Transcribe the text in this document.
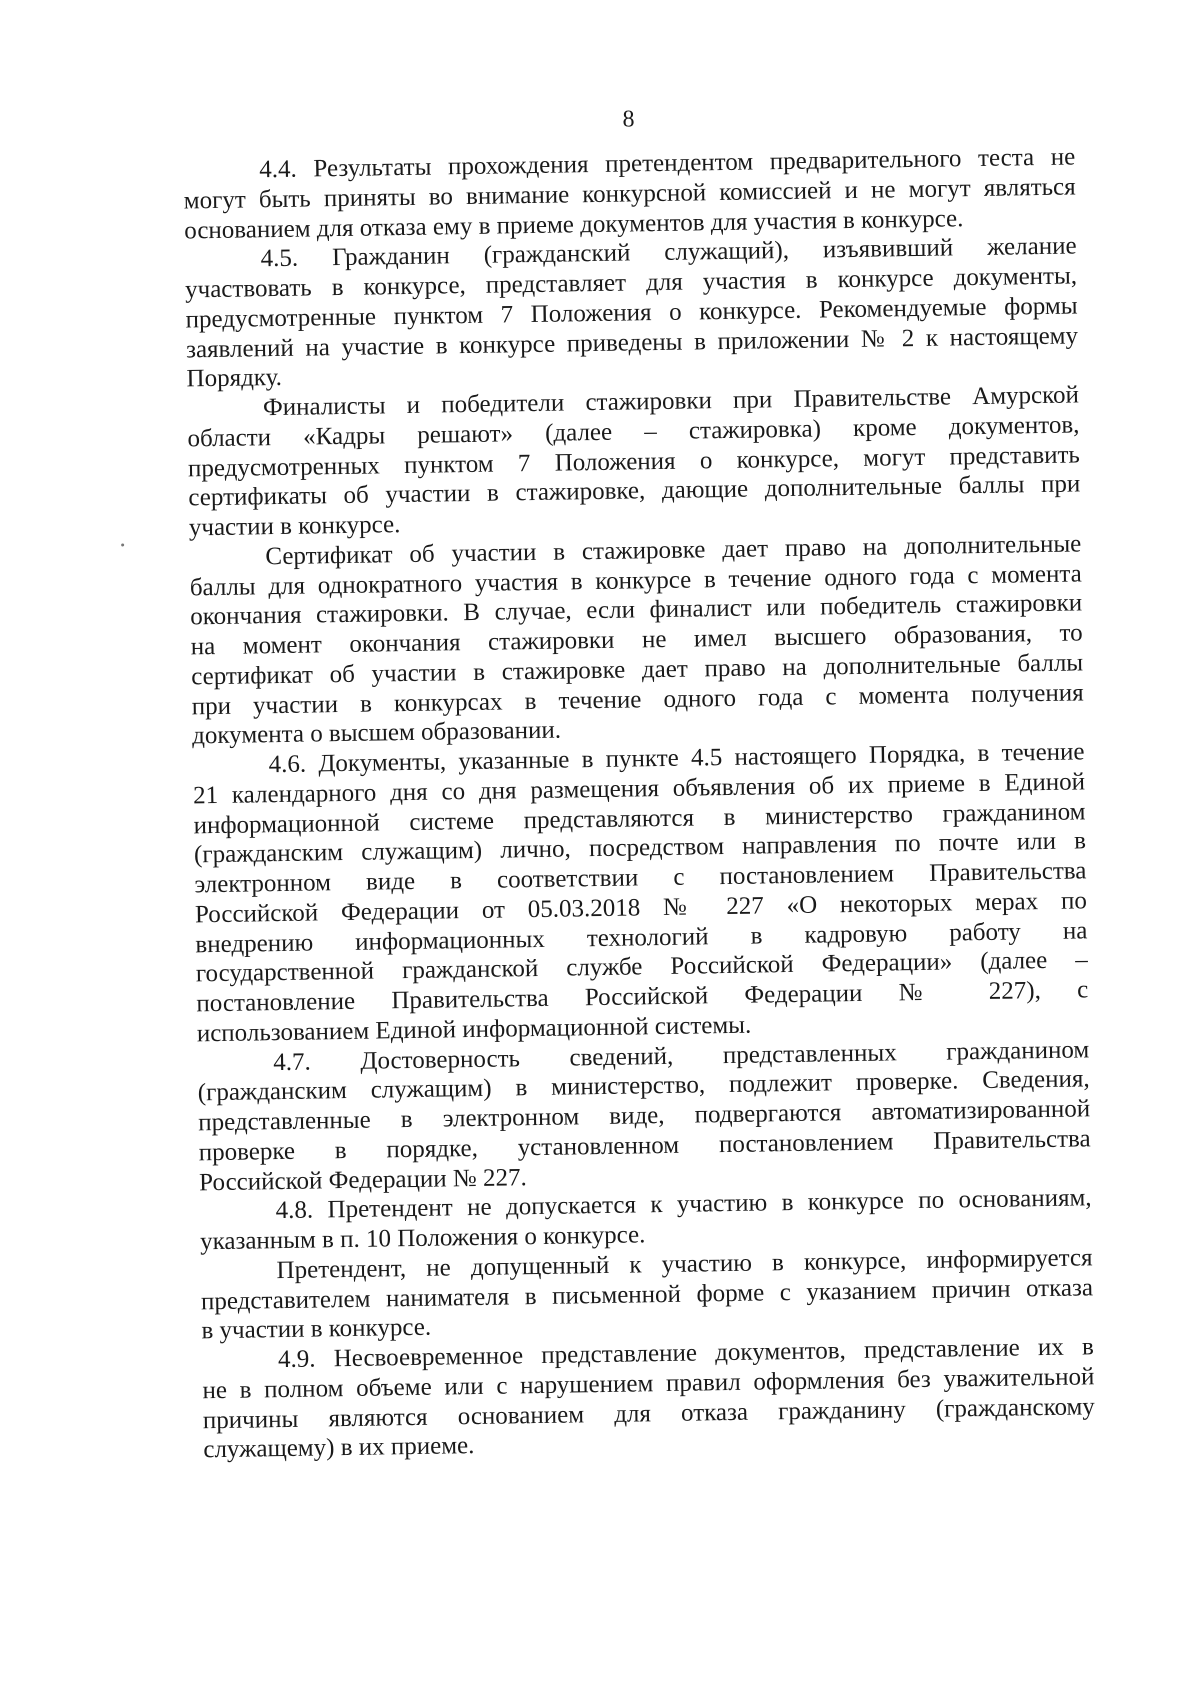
8
4.4. Результаты прохождения претендентом предварительного теста не
могут быть приняты во внимание конкурсной комиссией и не могут являться
основанием для отказа ему в приеме документов для участия в конкурсе.
4.5. Гражданин (гражданский служащий), изъявивший желание
участвовать в конкурсе, представляет для участия в конкурсе документы,
предусмотренные пунктом 7 Положения о конкурсе. Рекомендуемые формы
заявлений на участие в конкурсе приведены в приложении № 2 к настоящему
Порядку.
Финалисты и победители стажировки при Правительстве Амурской
области «Кадры решают» (далее – стажировка) кроме документов,
предусмотренных пунктом 7 Положения о конкурсе, могут представить
сертификаты об участии в стажировке, дающие дополнительные баллы при
участии в конкурсе.
Сертификат об участии в стажировке дает право на дополнительные
баллы для однократного участия в конкурсе в течение одного года с момента
окончания стажировки. В случае, если финалист или победитель стажировки
на момент окончания стажировки не имел высшего образования, то
сертификат об участии в стажировке дает право на дополнительные баллы
при участии в конкурсах в течение одного года с момента получения
документа о высшем образовании.
4.6. Документы, указанные в пункте 4.5 настоящего Порядка, в течение
21 календарного дня со дня размещения объявления об их приеме в Единой
информационной системе представляются в министерство гражданином
(гражданским служащим) лично, посредством направления по почте или в
электронном виде в соответствии с постановлением Правительства
Российской Федерации от 05.03.2018 № 227 «О некоторых мерах по
внедрению информационных технологий в кадровую работу на
государственной гражданской службе Российской Федерации» (далее –
постановление Правительства Российской Федерации № 227), с
использованием Единой информационной системы.
4.7. Достоверность сведений, представленных гражданином
(гражданским служащим) в министерство, подлежит проверке. Сведения,
представленные в электронном виде, подвергаются автоматизированной
проверке в порядке, установленном постановлением Правительства
Российской Федерации № 227.
4.8. Претендент не допускается к участию в конкурсе по основаниям,
указанным в п. 10 Положения о конкурсе.
Претендент, не допущенный к участию в конкурсе, информируется
представителем нанимателя в письменной форме с указанием причин отказа
в участии в конкурсе.
4.9. Несвоевременное представление документов, представление их в
не в полном объеме или с нарушением правил оформления без уважительной
причины являются основанием для отказа гражданину (гражданскому
служащему) в их приеме.
